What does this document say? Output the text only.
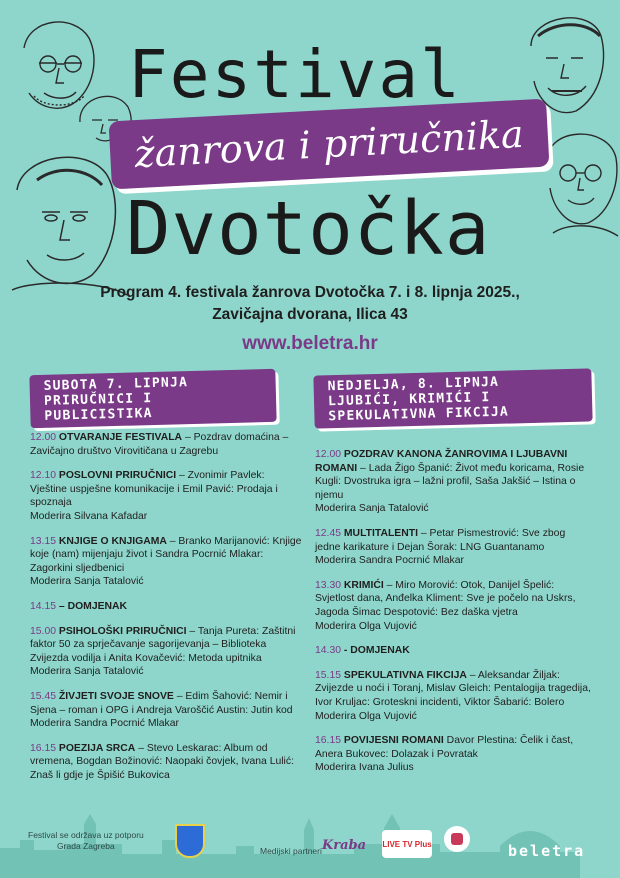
Festival
žanrova i priručnika
Dvotočka
Program 4. festivala žanrova Dvotočka 7. i 8. lipnja 2025.,
Zavičajna dvorana, Ilica 43
www.beletra.hr
SUBOTA 7. LIPNJA
PRIRUČNICI I PUBLICISTIKA
NEDJELJA, 8. LIPNJA
LJUBIĆI, KRIMIĆI I SPEKULATIVNA FIKCIJA
12.00 OTVARANJE FESTIVALA – Pozdrav domaćina – Zavičajno društvo Virovitičana u Zagrebu
12.10 POSLOVNI PRIRUČNICI – Zvonimir Pavlek: Vještine uspješne komunikacije i Emil Pavić: Prodaja i spoznaja
Moderira Silvana Kafadar
13.15 KNJIGE O KNJIGAMA – Branko Marijanović: Knjige koje (nam) mijenjaju život i Sandra Pocrnić Mlakar: Zagorkini sljedbenici
Moderira Sanja Tatalović
14.15 – DOMJENAK
15.00 PSIHOLOŠKI PRIRUČNICI – Tanja Pureta: Zaštitni faktor 50 za sprječavanje sagorijevanja – Biblioteka Zvijezda vodilja i Anita Kovačević: Metoda upitnika
Moderira Sanja Tatalović
15.45 ŽIVJETI SVOJE SNOVE – Edim Šahović: Nemir i Sjena – roman i OPG i Andreja Varoščić Austin: Jutin kod Moderira Sandra Pocrnić Mlakar
16.15 POEZIJA SRCA – Stevo Leskarac: Album od vremena, Bogdan Božinović: Naopaki čovjek, Ivana Lulić: Znaš li gdje je Špišić Bukovica
12.00 POZDRAV KANONA ŽANROVIMA I LJUBAVNI ROMANI – Lada Žigo Španić: Život među koricama, Rosie Kugli: Dvostruka igra – lažni profil, Saša Jakšić – Istina o njemu
Moderira Sanja Tatalović
12.45 MULTITALENTI – Petar Pismestrović: Sve zbog jedne karikature i Dejan Šorak: LNG Guantanamo
Moderira Sandra Pocrnić Mlakar
13.30 KRIMIĆI – Miro Morović: Otok, Danijel Špelić: Svjetlost dana, Anđelka Kliment: Sve je počelo na Uskrs, Jagoda Šimac Despotović: Bez daška vjetra
Moderira Olga Vujović
14.30 - DOMJENAK
15.15 SPEKULATIVNA FIKCIJA – Aleksandar Žiljak: Zvijezde u noći i Toranj, Mislav Gleich: Pentalogija tragedija, Ivor Kruljac: Groteskni incidenti, Viktor Šabarić: Bolero
Moderira Olga Vujović
16.15 POVIJESNI ROMANI Davor Plestina: Čelik i čast, Anera Bukovec: Dolazak i Povratak
Moderira Ivana Julius
Festival se održava uz potporu
Grada Zagreba	Medijski partneri Kraba	LIVE TV Plus	beletra
